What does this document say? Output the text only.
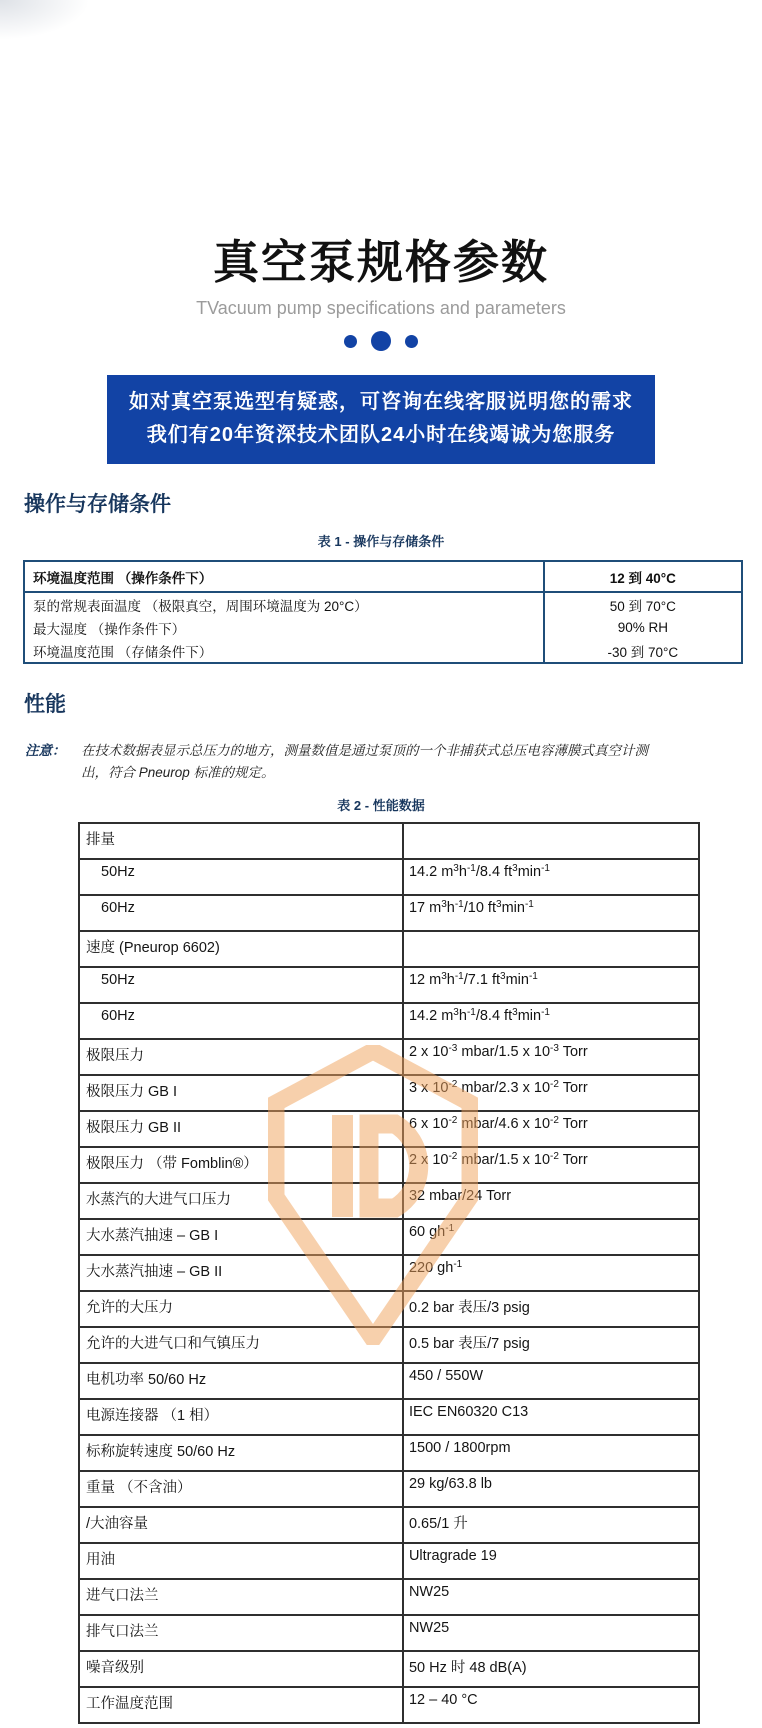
真空泵规格参数
TVacuum pump specifications and parameters
如对真空泵选型有疑惑，可咨询在线客服说明您的需求
我们有20年资深技术团队24小时在线竭诚为您服务
操作与存储条件
表 1 - 操作与存储条件
环境温度范围 （操作条件下）	12 到 40°C
泵的常规表面温度 （极限真空，周围环境温度为 20°C）	50 到 70°C
最大湿度 （操作条件下）	90% RH
环境温度范围 （存储条件下）	-30 到 70°C
性能
注意：	在技术数据表显示总压力的地方，测量数值是通过泵顶的一个非捕获式总压电容薄膜式真空计测出，符合 Pneurop 标准的规定。
表 2 - 性能数据
排量	
50Hz	14.2 $m^3h^{-1}/8.4$ $ft^3\min^{-1}$
60Hz	17 $m^3h^{-1}/10$ $ft^3\min^{-1}$
速度 (Pneurop 6602)	
50Hz	12 $m^3h^{-1}/7.1$ $ft^3\min^{-1}$
60Hz	14.2 $m^3h^{-1}/8.4$ $ft^3\min^{-1}$
极限压力	2 x $10^{-3}$ mbar/1.5 x $10^{-3}$ Torr
极限压力 GB I	3 x $10^{-2}$ mbar/2.3 x $10^{-2}$ Torr
极限压力 GB II	6 x $10^{-2}$ mbar/4.6 x $10^{-2}$ Torr
极限压力 （带 Fomblin®）	2 x $10^{-2}$ mbar/1.5 x $10^{-2}$ Torr
水蒸汽的大进气口压力	32 mbar/24 Torr
大水蒸汽抽速 – GB I	60 $gh^{-1}$
大水蒸汽抽速 – GB II	220 $gh^{-1}$
允许的大压力	0.2 bar 表压/3 psig
允许的大进气口和气镇压力	0.5 bar 表压/7 psig
电机功率 50/60 Hz	450 / 550W
电源连接器 （1 相）	IEC EN60320 C13
标称旋转速度 50/60 Hz	1500 / 1800rpm
重量 （不含油）	29 kg/63.8 lb
/大油容量	0.65/1 升
用油	Ultragrade 19
进气口法兰	NW25
排气口法兰	NW25
噪音级别	50 Hz 时 48 dB(A)
工作温度范围	12 – 40 °C
